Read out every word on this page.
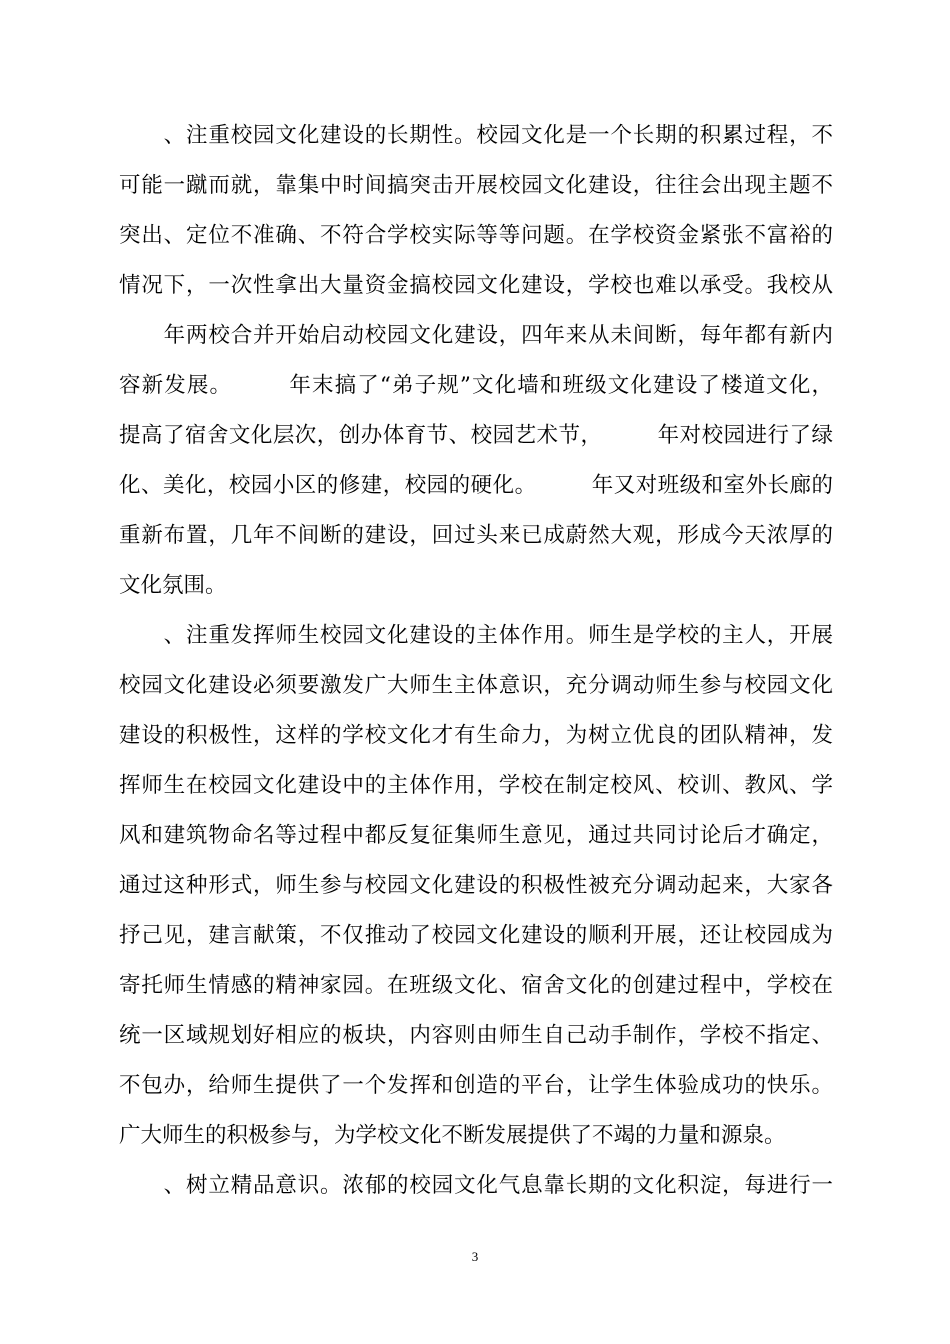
　　、注重校园文化建设的长期性。校园文化是一个长期的积累过程，不
可能一蹴而就，靠集中时间搞突击开展校园文化建设，往往会出现主题不
突出、定位不准确、不符合学校实际等等问题。在学校资金紧张不富裕的
情况下，一次性拿出大量资金搞校园文化建设，学校也难以承受。我校从
　　年两校合并开始启动校园文化建设，四年来从未间断，每年都有新内
容新发展。　　　年末搞了“弟子规”文化墙和班级文化建设了楼道文化，
提高了宿舍文化层次，创办体育节、校园艺术节，　　　年对校园进行了绿
化、美化，校园小区的修建，校园的硬化。　　　年又对班级和室外长廊的
重新布置，几年不间断的建设，回过头来已成蔚然大观，形成今天浓厚的
文化氛围。
　　、注重发挥师生校园文化建设的主体作用。师生是学校的主人，开展
校园文化建设必须要激发广大师生主体意识，充分调动师生参与校园文化
建设的积极性，这样的学校文化才有生命力，为树立优良的团队精神，发
挥师生在校园文化建设中的主体作用，学校在制定校风、校训、教风、学
风和建筑物命名等过程中都反复征集师生意见，通过共同讨论后才确定，
通过这种形式，师生参与校园文化建设的积极性被充分调动起来，大家各
抒己见，建言献策，不仅推动了校园文化建设的顺利开展，还让校园成为
寄托师生情感的精神家园。在班级文化、宿舍文化的创建过程中，学校在
统一区域规划好相应的板块，内容则由师生自己动手制作，学校不指定、
不包办，给师生提供了一个发挥和创造的平台，让学生体验成功的快乐。
广大师生的积极参与，为学校文化不断发展提供了不竭的力量和源泉。
　　、树立精品意识。浓郁的校园文化气息靠长期的文化积淀，每进行一
3
